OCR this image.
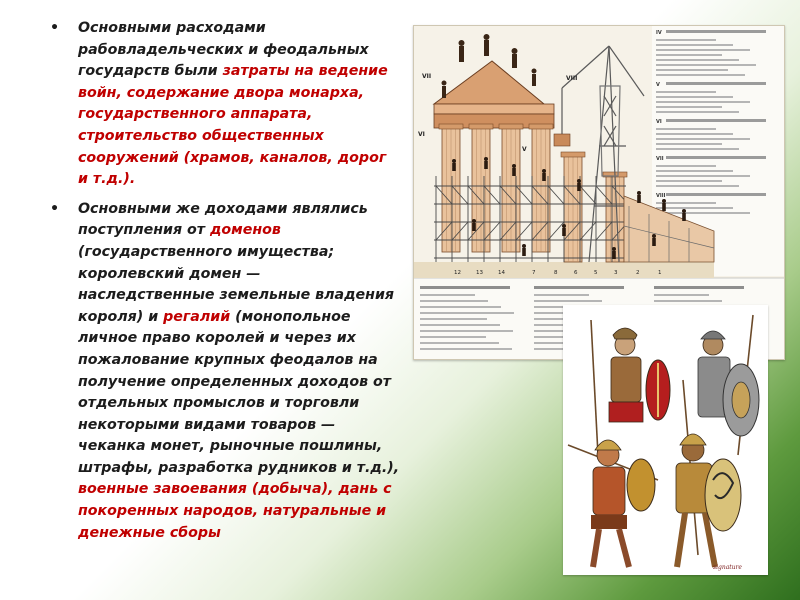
• Основными расходами рабовладельческих и феодальных государств были затраты на ведение войн, содержание двора монарха, государственного аппарата, строительство общественных сооружений (храмов, каналов, дорог и т.д.).
• Основными же доходами являлись поступления от доменов (государственного имущества; королевский домен — наследственные земельные владения короля) и регалий (монопольное личное право королей и через их пожалование крупных феодалов на получение определенных доходов от отдельных промыслов и торговли некоторыми видами товаров — чеканка монет, рыночные пошлины, штрафы, разработка рудников и т.д.), военные завоевания (добыча), дань с покоренных народов, натуральные и денежные сборы
IV
V
VI
VII
VIII
12	13	14	7	8	6	5	3	2	1
VII
VI
V
VIII
signature
